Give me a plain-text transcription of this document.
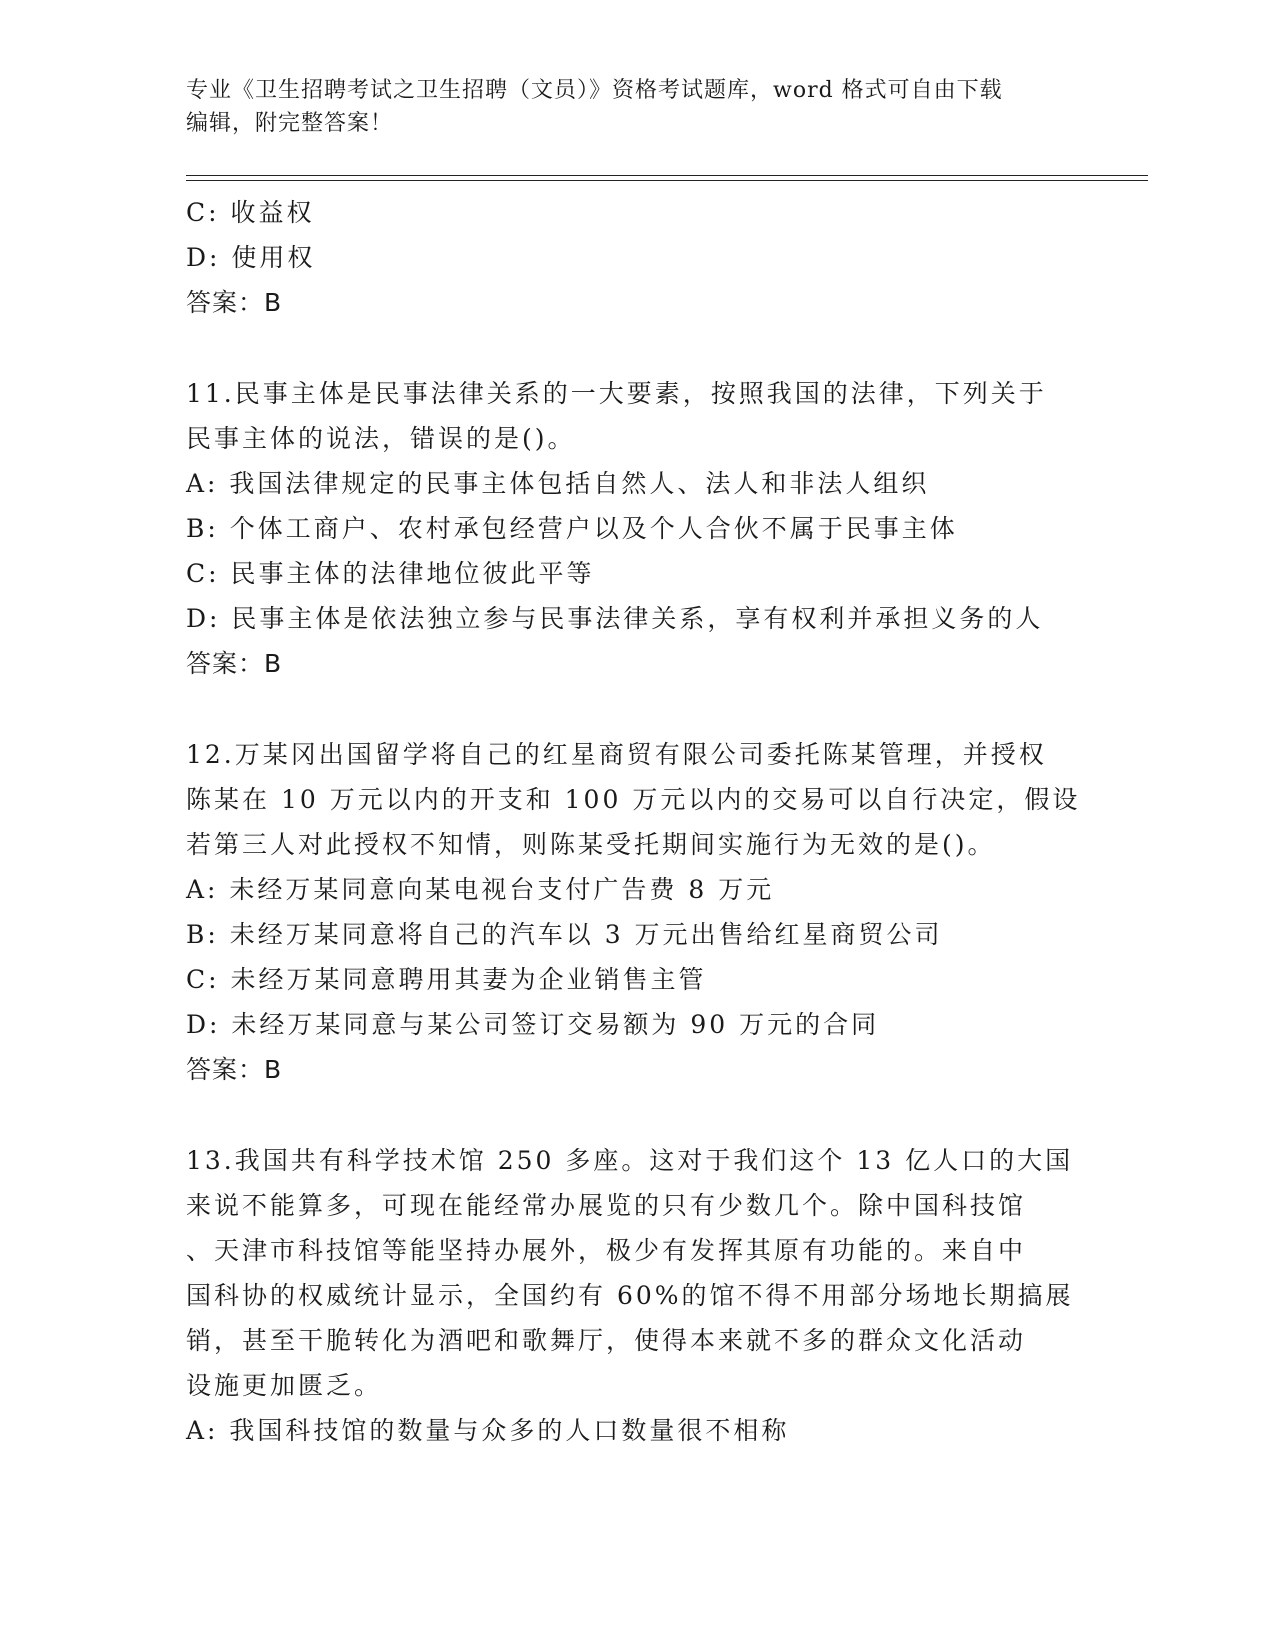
专业《卫生招聘考试之卫生招聘（文员）》资格考试题库，word 格式可自由下载
编辑，附完整答案！
C: 收益权
D: 使用权
答案：B
11.民事主体是民事法律关系的一大要素，按照我国的法律，下列关于
民事主体的说法，错误的是()。
A: 我国法律规定的民事主体包括自然人、法人和非法人组织
B: 个体工商户、农村承包经营户以及个人合伙不属于民事主体
C: 民事主体的法律地位彼此平等
D: 民事主体是依法独立参与民事法律关系，享有权利并承担义务的人
答案：B
12.万某冈出国留学将自己的红星商贸有限公司委托陈某管理，并授权
陈某在 10 万元以内的开支和 100 万元以内的交易可以自行决定，假设
若第三人对此授权不知情，则陈某受托期间实施行为无效的是()。
A: 未经万某同意向某电视台支付广告费 8 万元
B: 未经万某同意将自己的汽车以 3 万元出售给红星商贸公司
C: 未经万某同意聘用其妻为企业销售主管
D: 未经万某同意与某公司签订交易额为 90 万元的合同
答案：B
13.我国共有科学技术馆 250 多座。这对于我们这个 13 亿人口的大国
来说不能算多，可现在能经常办展览的只有少数几个。除中国科技馆
、天津市科技馆等能坚持办展外，极少有发挥其原有功能的。来自中
国科协的权威统计显示，全国约有 60%的馆不得不用部分场地长期搞展
销，甚至干脆转化为酒吧和歌舞厅，使得本来就不多的群众文化活动
设施更加匮乏。
A: 我国科技馆的数量与众多的人口数量很不相称
